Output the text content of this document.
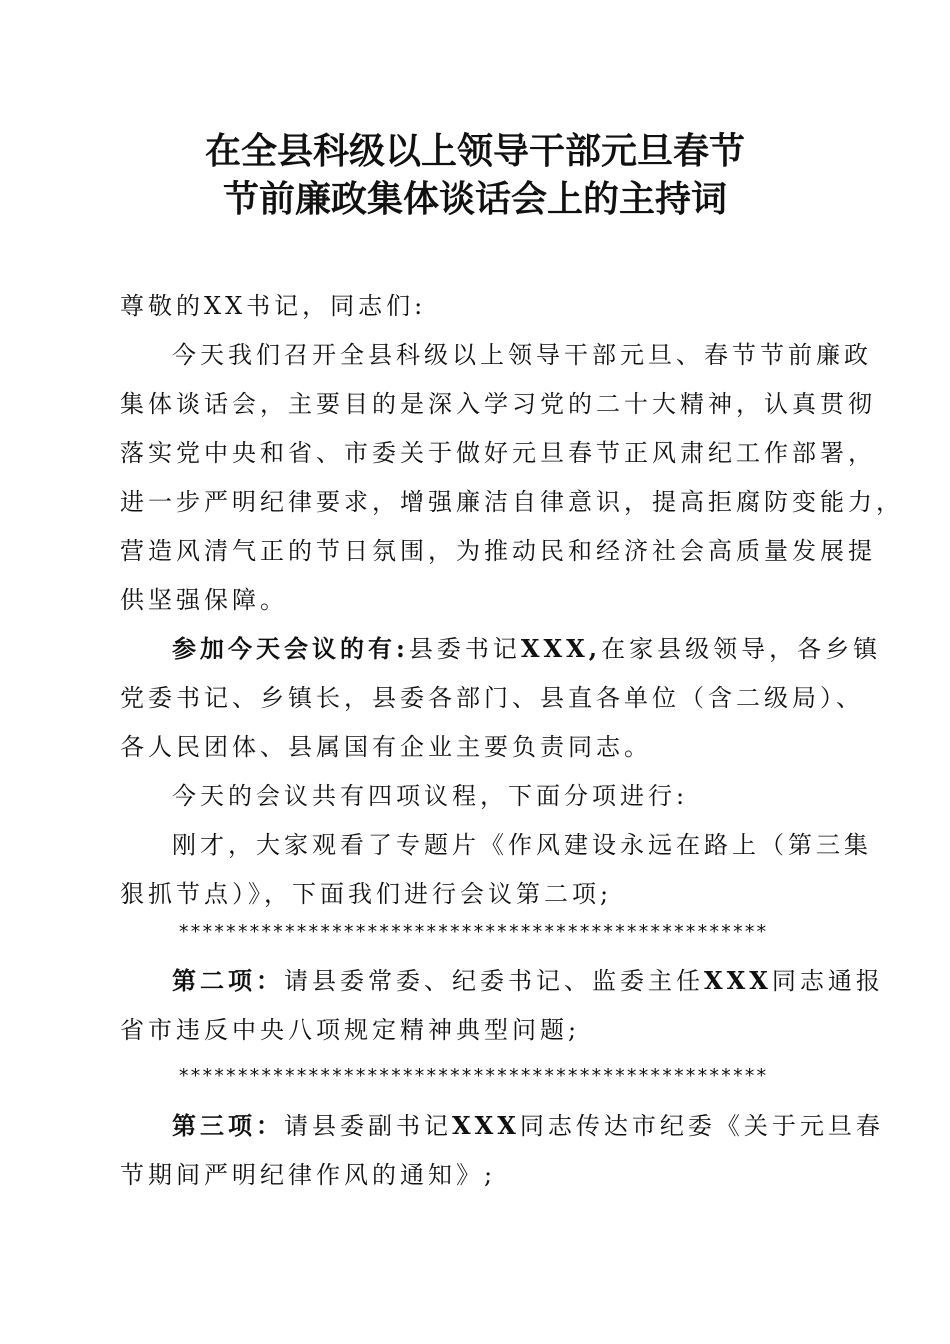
在全县科级以上领导干部元旦春节
节前廉政集体谈话会上的主持词
尊敬的XX书记，同志们:
今天我们召开全县科级以上领导干部元旦、春节节前廉政
集体谈话会，主要目的是深入学习党的二十大精神，认真贯彻
落实党中央和省、市委关于做好元旦春节正风肃纪工作部署，
进一步严明纪律要求，增强廉洁自律意识，提高拒腐防变能力，
营造风清气正的节日氛围，为推动民和经济社会高质量发展提
供坚强保障。
参加今天会议的有:县委书记XXX,在家县级领导，各乡镇
党委书记、乡镇长，县委各部门、县直各单位（含二级局）、
各人民团体、县属国有企业主要负责同志。
今天的会议共有四项议程，下面分项进行:
刚才，大家观看了专题片《作风建设永远在路上（第三集
狠抓节点）》，下面我们进行会议第二项;
**************************************************
第二项：请县委常委、纪委书记、监委主任XXX同志通报
省市违反中央八项规定精神典型问题;
**************************************************
第三项：请县委副书记XXX同志传达市纪委《关于元旦春
节期间严明纪律作风的通知》;
